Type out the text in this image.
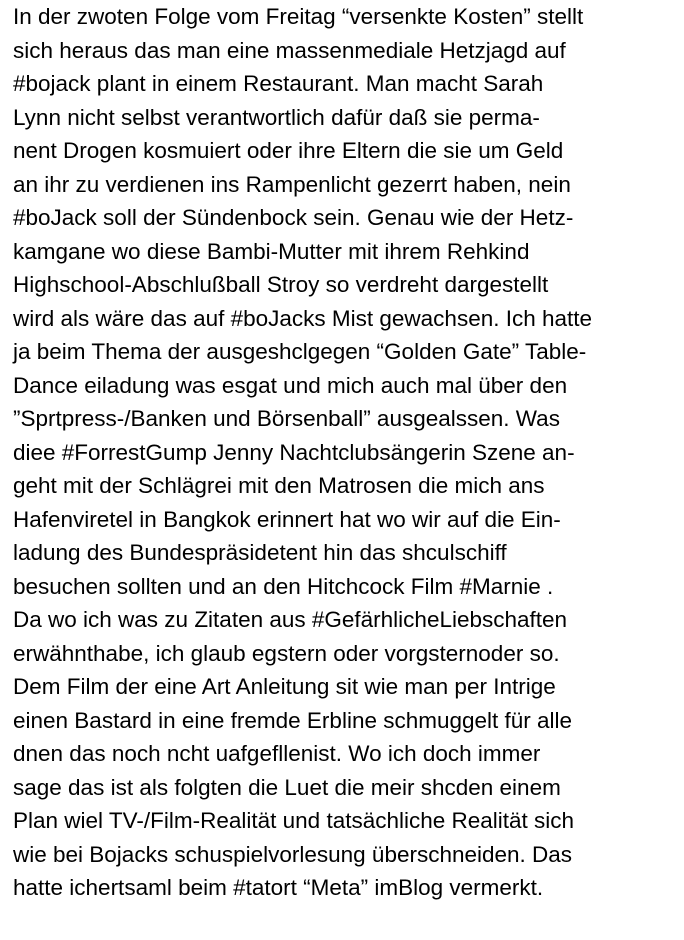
In der zwoten Folge vom Freitag “versenkte Kosten” stellt
sich heraus das man eine massenmediale Hetzjagd auf
#bojack plant in einem Restaurant. Man macht Sarah
Lynn nicht selbst verantwortlich dafür daß sie perma-
nent Drogen kosmuiert oder ihre Eltern die sie um Geld
an ihr zu verdienen ins Rampenlicht gezerrt haben, nein
#boJack soll der Sündenbock sein. Genau wie der Hetz-
kamgane wo diese Bambi-Mutter mit ihrem Rehkind
Highschool-Abschlußball Stroy so verdreht dargestellt
wird als wäre das auf #boJacks Mist gewachsen. Ich hatte
ja beim Thema der ausgeshclgegen “Golden Gate” Table-
Dance eiladung was esgat und mich auch mal über den
”Sprtpress-/Banken und Börsenball” ausgealssen. Was
diee #ForrestGump Jenny Nachtclubsängerin Szene an-
geht mit der Schlägrei mit den Matrosen die mich ans
Hafenviretel in Bangkok erinnert hat wo wir auf die Ein-
ladung des Bundespräsidetent hin das shculschiff
besuchen sollten und an den Hitchcock Film #Marnie .
Da wo ich was zu Zitaten aus #GefärhlicheLiebschaften
erwähnthabe, ich glaub egstern oder vorgsternoder so.
Dem Film der eine Art Anleitung sit wie man per Intrige
einen Bastard in eine fremde Erbline schmuggelt für alle
dnen das noch ncht uafgefllenist. Wo ich doch immer
sage das ist als folgten die Luet die meir shcden einem
Plan wiel TV-/Film-Realität und tatsächliche Realität sich
wie bei Bojacks schuspielvorlesung überschneiden. Das
hatte ichertsaml beim #tatort “Meta” imBlog vermerkt.
